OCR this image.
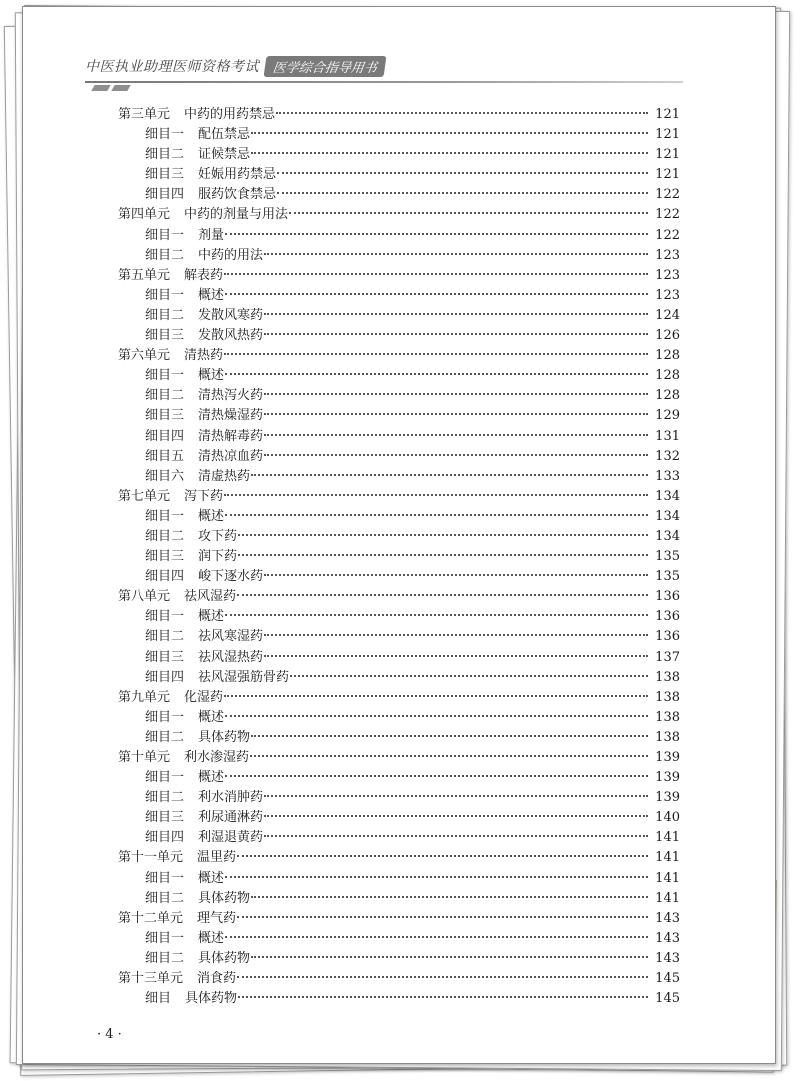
中医执业助理医师资格考试 医学综合指导用书
第三单元 中药的用药禁忌	121
细目一 配伍禁忌	121
细目二 证候禁忌	121
细目三 妊娠用药禁忌	121
细目四 服药饮食禁忌	122
第四单元 中药的剂量与用法	122
细目一 剂量	122
细目二 中药的用法	123
第五单元 解表药	123
细目一 概述	123
细目二 发散风寒药	124
细目三 发散风热药	126
第六单元 清热药	128
细目一 概述	128
细目二 清热泻火药	128
细目三 清热燥湿药	129
细目四 清热解毒药	131
细目五 清热凉血药	132
细目六 清虚热药	133
第七单元 泻下药	134
细目一 概述	134
细目二 攻下药	134
细目三 润下药	135
细目四 峻下逐水药	135
第八单元 祛风湿药	136
细目一 概述	136
细目二 祛风寒湿药	136
细目三 祛风湿热药	137
细目四 祛风湿强筋骨药	138
第九单元 化湿药	138
细目一 概述	138
细目二 具体药物	138
第十单元 利水渗湿药	139
细目一 概述	139
细目二 利水消肿药	139
细目三 利尿通淋药	140
细目四 利湿退黄药	141
第十一单元 温里药	141
细目一 概述	141
细目二 具体药物	141
第十二单元 理气药	143
细目一 概述	143
细目二 具体药物	143
第十三单元 消食药	145
细目 具体药物	145
· 4 ·
